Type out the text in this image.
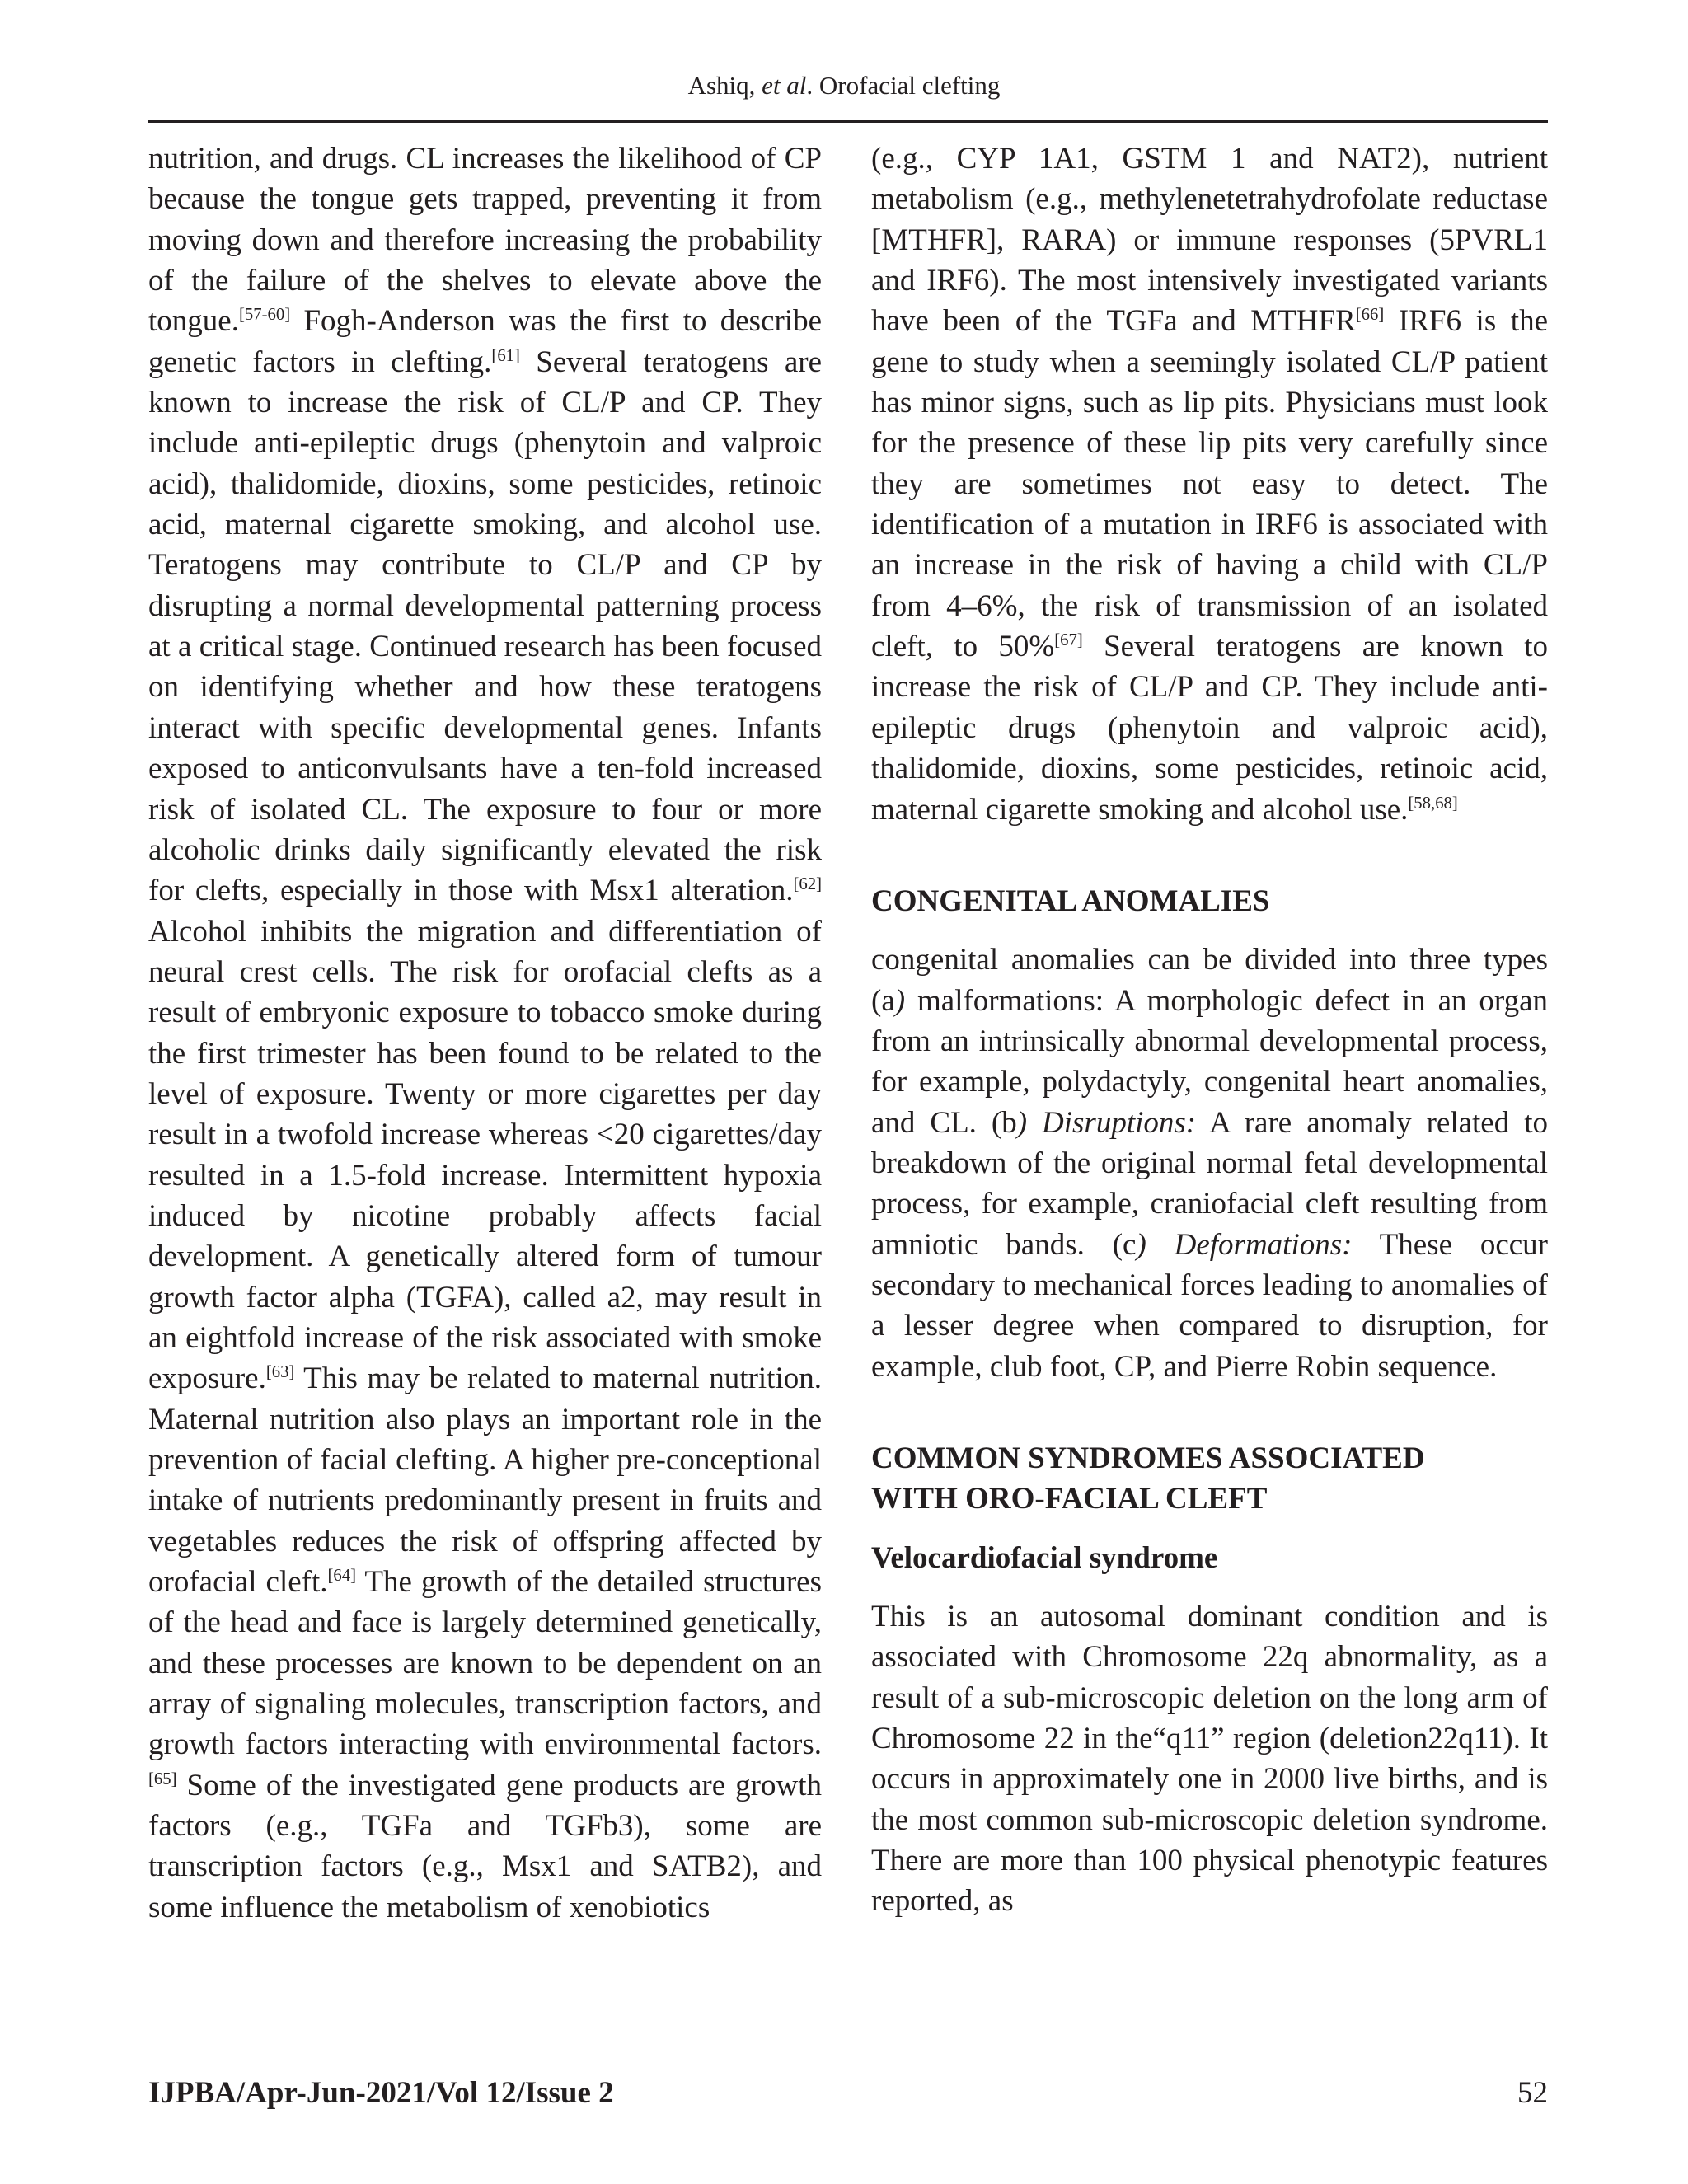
Ashiq, et al. Orofacial clefting

nutrition, and drugs. CL increases the likelihood of CP because the tongue gets trapped, preventing it from moving down and therefore increasing the probability of the failure of the shelves to elevate above the tongue.[57-60] Fogh-Anderson was the first to describe genetic factors in clefting.[61] Several teratogens are known to increase the risk of CL/P and CP. They include anti-epileptic drugs (phenytoin and valproic acid), thalidomide, dioxins, some pesticides, retinoic acid, maternal cigarette smoking, and alcohol use. Teratogens may contribute to CL/P and CP by disrupting a normal developmental patterning process at a critical stage. Continued research has been focused on identifying whether and how these teratogens interact with specific developmental genes. Infants exposed to anticonvulsants have a ten-fold increased risk of isolated CL. The exposure to four or more alcoholic drinks daily significantly elevated the risk for clefts, especially in those with Msx1 alteration.[62] Alcohol inhibits the migration and differentiation of neural crest cells. The risk for orofacial clefts as a result of embryonic exposure to tobacco smoke during the first trimester has been found to be related to the level of exposure. Twenty or more cigarettes per day result in a twofold increase whereas <20 cigarettes/day resulted in a 1.5-fold increase. Intermittent hypoxia induced by nicotine probably affects facial development. A genetically altered form of tumour growth factor alpha (TGFA), called a2, may result in an eightfold increase of the risk associated with smoke exposure.[63] This may be related to maternal nutrition. Maternal nutrition also plays an important role in the prevention of facial clefting. A higher pre-conceptional intake of nutrients predominantly present in fruits and vegetables reduces the risk of offspring affected by orofacial cleft.[64] The growth of the detailed structures of the head and face is largely determined genetically, and these processes are known to be dependent on an array of signaling molecules, transcription factors, and growth factors interacting with environmental factors.[65] Some of the investigated gene products are growth factors (e.g., TGFa and TGFb3), some are transcription factors (e.g., Msx1 and SATB2), and some influence the metabolism of xenobiotics

(e.g., CYP 1A1, GSTM 1 and NAT2), nutrient metabolism (e.g., methylenetetrahydrofolate reductase [MTHFR], RARA) or immune responses (5PVRL1 and IRF6). The most intensively investigated variants have been of the TGFa and MTHFR[66] IRF6 is the gene to study when a seemingly isolated CL/P patient has minor signs, such as lip pits. Physicians must look for the presence of these lip pits very carefully since they are sometimes not easy to detect. The identification of a mutation in IRF6 is associated with an increase in the risk of having a child with CL/P from 4–6%, the risk of transmission of an isolated cleft, to 50%[67] Several teratogens are known to increase the risk of CL/P and CP. They include anti-epileptic drugs (phenytoin and valproic acid), thalidomide, dioxins, some pesticides, retinoic acid, maternal cigarette smoking and alcohol use.[58,68]

CONGENITAL ANOMALIES

congenital anomalies can be divided into three types (a) malformations: A morphologic defect in an organ from an intrinsically abnormal developmental process, for example, polydactyly, congenital heart anomalies, and CL. (b) Disruptions: A rare anomaly related to breakdown of the original normal fetal developmental process, for example, craniofacial cleft resulting from amniotic bands. (c) Deformations: These occur secondary to mechanical forces leading to anomalies of a lesser degree when compared to disruption, for example, club foot, CP, and Pierre Robin sequence.

COMMON SYNDROMES ASSOCIATED
WITH ORO-FACIAL CLEFT
Velocardiofacial syndrome

This is an autosomal dominant condition and is associated with Chromosome 22q abnormality, as a result of a sub-microscopic deletion on the long arm of Chromosome 22 in the“q11” region (deletion22q11). It occurs in approximately one in 2000 live births, and is the most common sub-microscopic deletion syndrome. There are more than 100 physical phenotypic features reported, as

IJPBA/Apr-Jun-2021/Vol 12/Issue 2	52
